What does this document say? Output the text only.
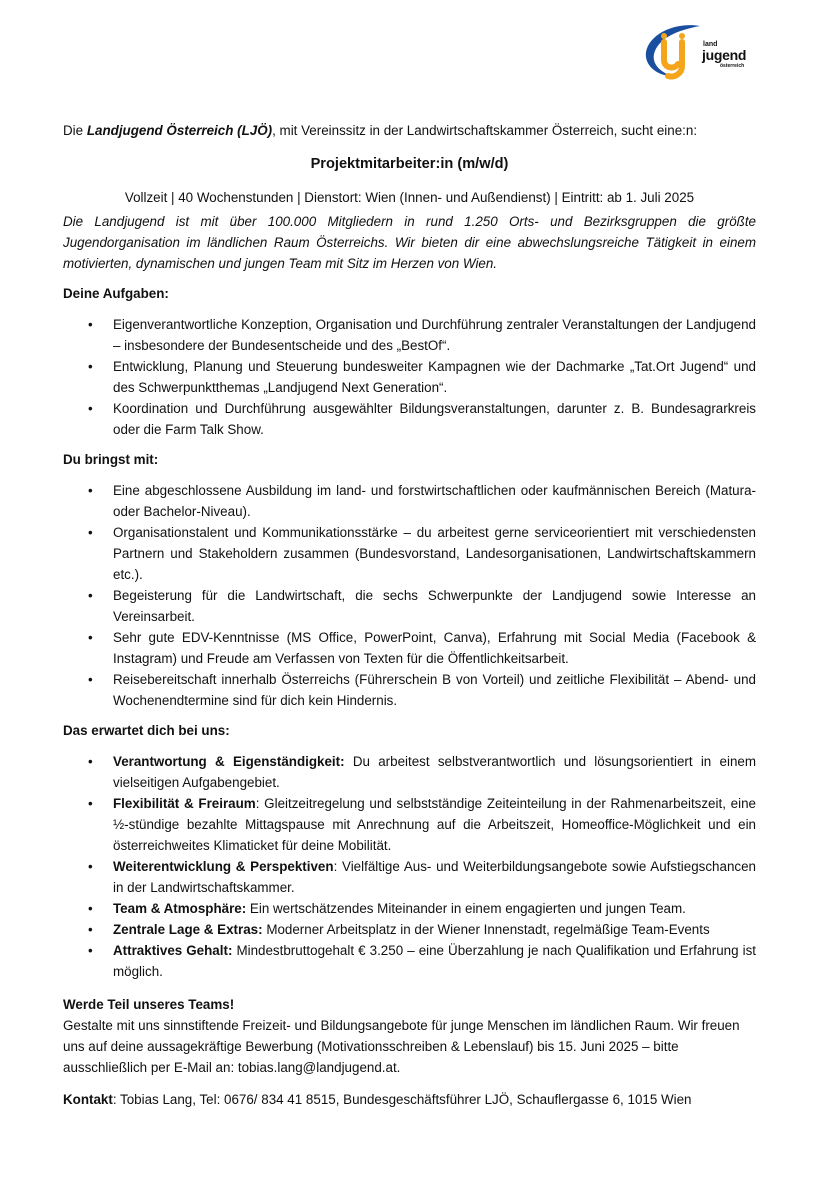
land
jugend
österreich

Die Landjugend Österreich (LJÖ), mit Vereinssitz in der Landwirtschaftskammer Österreich, sucht eine:n:

Projektmitarbeiter:in (m/w/d)

Vollzeit | 40 Wochenstunden | Dienstort: Wien (Innen- und Außendienst) | Eintritt: ab 1. Juli 2025

Die Landjugend ist mit über 100.000 Mitgliedern in rund 1.250 Orts- und Bezirksgruppen die größte Jugendorganisation im ländlichen Raum Österreichs. Wir bieten dir eine abwechslungsreiche Tätigkeit in einem motivierten, dynamischen und jungen Team mit Sitz im Herzen von Wien.

Deine Aufgaben:

• Eigenverantwortliche Konzeption, Organisation und Durchführung zentraler Veranstaltungen der Landjugend – insbesondere der Bundesentscheide und des „BestOf“.
• Entwicklung, Planung und Steuerung bundesweiter Kampagnen wie der Dachmarke „Tat.Ort Jugend“ und des Schwerpunktthemas „Landjugend Next Generation“.
• Koordination und Durchführung ausgewählter Bildungsveranstaltungen, darunter z. B. Bundesagrarkreis oder die Farm Talk Show.

Du bringst mit:

• Eine abgeschlossene Ausbildung im land- und forstwirtschaftlichen oder kaufmännischen Bereich (Matura- oder Bachelor-Niveau).
• Organisationstalent und Kommunikationsstärke – du arbeitest gerne serviceorientiert mit verschiedensten Partnern und Stakeholdern zusammen (Bundesvorstand, Landesorganisationen, Landwirtschaftskammern etc.).
• Begeisterung für die Landwirtschaft, die sechs Schwerpunkte der Landjugend sowie Interesse an Vereinsarbeit.
• Sehr gute EDV-Kenntnisse (MS Office, PowerPoint, Canva), Erfahrung mit Social Media (Facebook & Instagram) und Freude am Verfassen von Texten für die Öffentlichkeitsarbeit.
• Reisebereitschaft innerhalb Österreichs (Führerschein B von Vorteil) und zeitliche Flexibilität – Abend- und Wochenendtermine sind für dich kein Hindernis.

Das erwartet dich bei uns:

• Verantwortung & Eigenständigkeit: Du arbeitest selbstverantwortlich und lösungsorientiert in einem vielseitigen Aufgabengebiet.
• Flexibilität & Freiraum: Gleitzeitregelung und selbstständige Zeiteinteilung in der Rahmenarbeitszeit, eine ½-stündige bezahlte Mittagspause mit Anrechnung auf die Arbeitszeit, Homeoffice-Möglichkeit und ein österreichweites Klimaticket für deine Mobilität.
• Weiterentwicklung & Perspektiven: Vielfältige Aus- und Weiterbildungsangebote sowie Aufstiegschancen in der Landwirtschaftskammer.
• Team & Atmosphäre: Ein wertschätzendes Miteinander in einem engagierten und jungen Team.
• Zentrale Lage & Extras: Moderner Arbeitsplatz in der Wiener Innenstadt, regelmäßige Team-Events
• Attraktives Gehalt: Mindestbruttogehalt € 3.250 – eine Überzahlung je nach Qualifikation und Erfahrung ist möglich.

Werde Teil unseres Teams!

Gestalte mit uns sinnstiftende Freizeit- und Bildungsangebote für junge Menschen im ländlichen Raum. Wir freuen uns auf deine aussagekräftige Bewerbung (Motivationsschreiben & Lebenslauf) bis 15. Juni 2025 – bitte ausschließlich per E-Mail an: tobias.lang@landjugend.at.

Kontakt: Tobias Lang, Tel: 0676/ 834 41 8515, Bundesgeschäftsführer LJÖ, Schauflergasse 6, 1015 Wien
